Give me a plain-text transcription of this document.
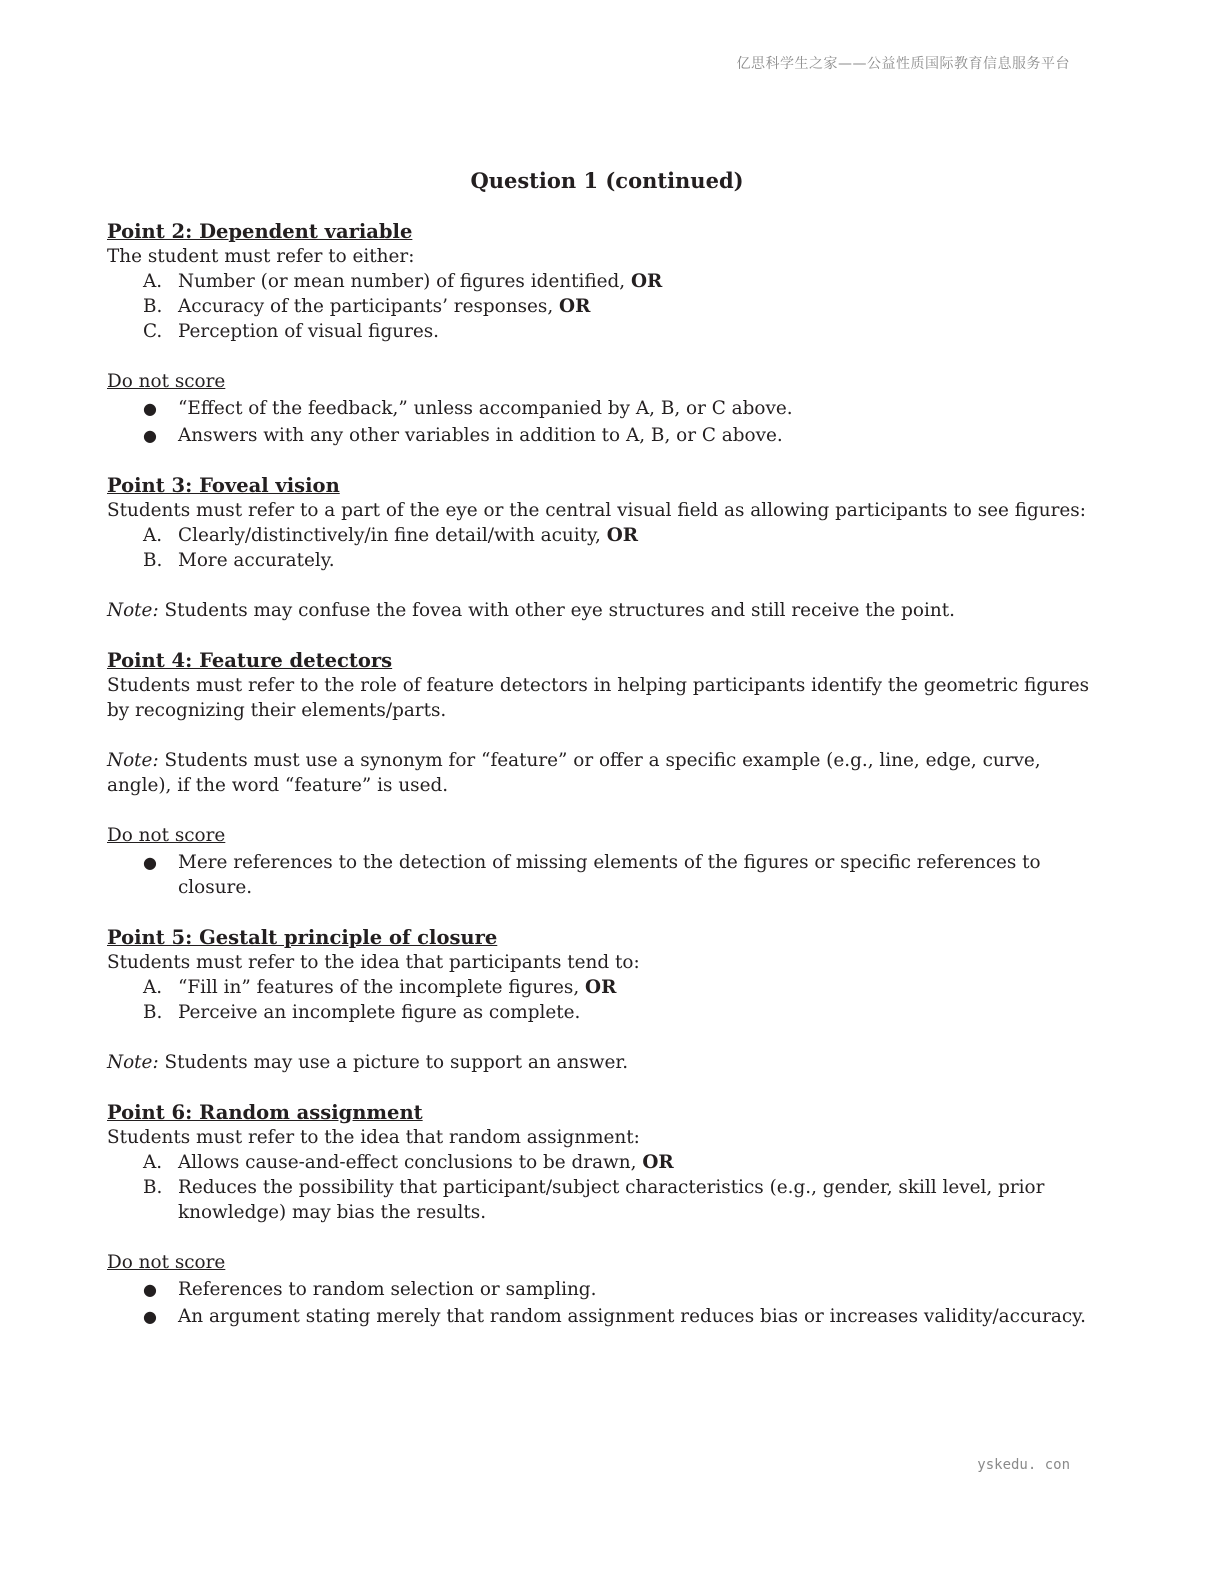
亿思科学生之家——公益性质国际教育信息服务平台
Question 1 (continued)
Point 2: Dependent variable
The student must refer to either:
A. Number (or mean number) of figures identified, OR
B. Accuracy of the participants’ responses, OR
C. Perception of visual figures.
Do not score
●	“Effect of the feedback,” unless accompanied by A, B, or C above.
●	Answers with any other variables in addition to A, B, or C above.
Point 3: Foveal vision
Students must refer to a part of the eye or the central visual field as allowing participants to see figures:
A. Clearly/distinctively/in fine detail/with acuity, OR
B. More accurately.
Note: Students may confuse the fovea with other eye structures and still receive the point.
Point 4: Feature detectors
Students must refer to the role of feature detectors in helping participants identify the geometric figures by recognizing their elements/parts.
Note: Students must use a synonym for “feature” or offer a specific example (e.g., line, edge, curve, angle), if the word “feature” is used.
Do not score
●	Mere references to the detection of missing elements of the figures or specific references to closure.
Point 5: Gestalt principle of closure
Students must refer to the idea that participants tend to:
A. “Fill in” features of the incomplete figures, OR
B. Perceive an incomplete figure as complete.
Note: Students may use a picture to support an answer.
Point 6: Random assignment
Students must refer to the idea that random assignment:
A. Allows cause-and-effect conclusions to be drawn, OR
B. Reduces the possibility that participant/subject characteristics (e.g., gender, skill level, prior knowledge) may bias the results.
Do not score
●	References to random selection or sampling.
●	An argument stating merely that random assignment reduces bias or increases validity/accuracy.
yskedu. con
